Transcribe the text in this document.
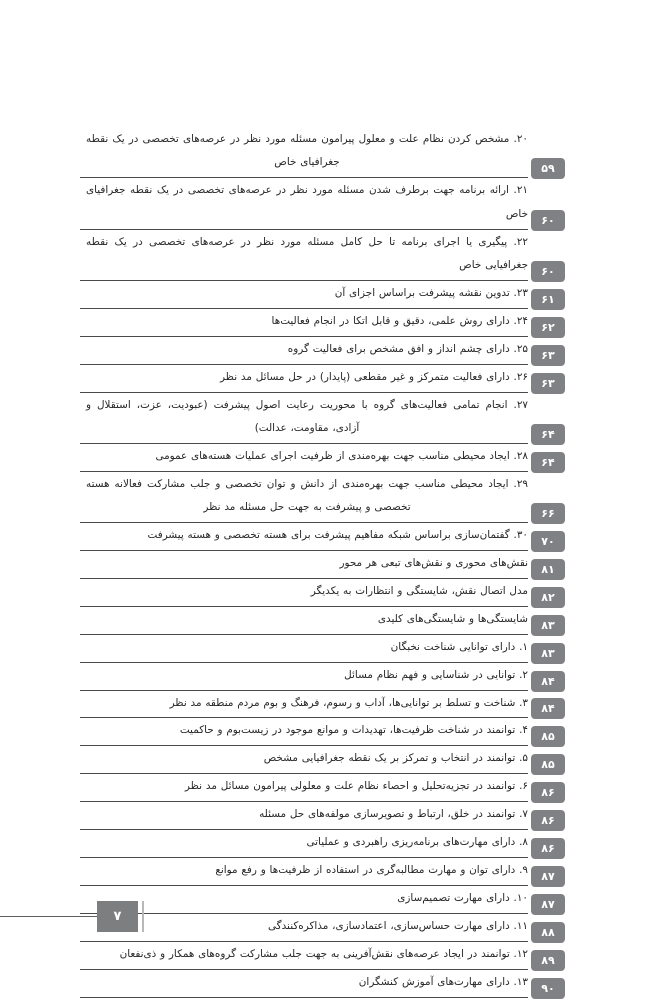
۵۹
۲۰. مشخص کردن نظام علت و معلول پیرامون مسئله مورد نظر در عرصه‌های تخصصی در یک نقطه جغرافیای خاص
۶۰
۲۱. ارائه برنامه جهت برطرف شدن مسئله مورد نظر در عرصه‌های تخصصی در یک نقطه جغرافیای خاص
۶۰
۲۲. پیگیری یا اجرای برنامه تا حل کامل مسئله مورد نظر در عرصه‌های تخصصی در یک نقطه جغرافیایی خاص
۶۱
۲۳. تدوین نقشه پیشرفت براساس اجزای آن
۶۲
۲۴. دارای روش علمی، دقیق و قابل اتکا در انجام فعالیت‌ها
۶۳
۲۵. دارای چشم انداز و افق مشخص برای فعالیت گروه
۶۳
۲۶. دارای فعالیت متمرکز و غیر مقطعی (پایدار) در حل مسائل مد نظر
۶۴
۲۷. انجام تمامی فعالیت‌های گروه با محوریت رعایت اصول پیشرفت (عبودیت، عزت، استقلال و آزادی، مقاومت، عدالت)
۶۴
۲۸. ایجاد محیطی مناسب جهت بهره‌مندی از ظرفیت اجرای عملیات هسته‌های عمومی
۶۶
۲۹. ایجاد محیطی مناسب جهت بهره‌مندی از دانش و توان تخصصی و جلب مشارکت فعالانه هسته تخصصی و پیشرفت به جهت حل مسئله مد نظر
۷۰
۳۰. گفتمان‌سازی براساس شبکه مفاهیم پیشرفت برای هسته تخصصی و هسته پیشرفت
۸۱
نقش‌های محوری و نقش‌های تبعی هر محور
۸۲
مدل اتصال نقش، شایستگی و انتظارات به یکدیگر
۸۳
شایستگی‌ها و شایستگی‌های کلیدی
۸۳
۱. دارای توانایی شناخت نخبگان
۸۴
۲. توانایی در شناسایی و فهم نظام مسائل
۸۴
۳. شناخت و تسلط بر توانایی‌ها، آداب و رسوم، فرهنگ و بوم مردم منطقه مد نظر
۸۵
۴. توانمند در شناخت ظرفیت‌ها، تهدیدات و موانع موجود در زیست‌بوم و حاکمیت
۸۵
۵. توانمند در انتخاب و تمرکز بر یک نقطه جغرافیایی مشخص
۸۶
۶. توانمند در تجزیه‌تحلیل و احصاء نظام علت و معلولی پیرامون مسائل مد نظر
۸۶
۷. توانمند در خلق، ارتباط و تصویرسازی مولفه‌های حل مسئله
۸۶
۸. دارای مهارت‌های برنامه‌ریزی راهبردی و عملیاتی
۸۷
۹. دارای توان و مهارت مطالبه‌گری در استفاده از ظرفیت‌ها و رفع موانع
۸۷
۱۰. دارای مهارت تصمیم‌سازی
۸۸
۱۱. دارای مهارت حساس‌سازی، اعتمادسازی، مذاکره‌کنندگی
۸۹
۱۲. توانمند در ایجاد عرصه‌های نقش‌آفرینی به جهت جلب مشارکت گروه‌های همکار و ذی‌نفعان
۹۰
۱۳. دارای مهارت‌های آموزش کنشگران
۷
